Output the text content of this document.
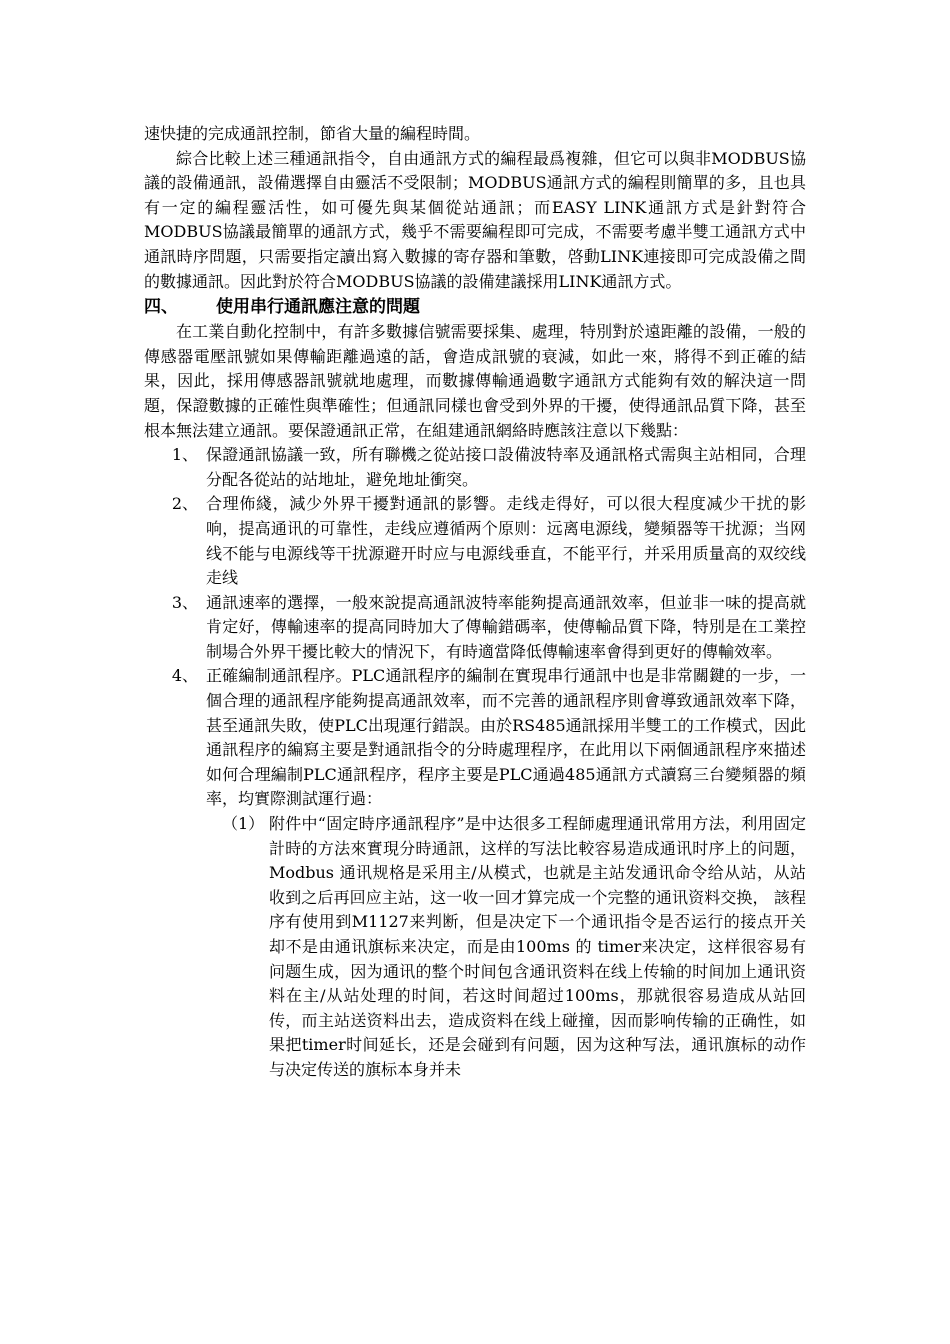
速快捷的完成通訊控制，節省大量的編程時間。

綜合比較上述三種通訊指令，自由通訊方式的編程最爲複雜，但它可以與非MODBUS協議的設備通訊，設備選擇自由靈活不受限制；MODBUS通訊方式的編程則簡單的多，且也具有一定的編程靈活性，如可優先與某個從站通訊；而EASY LINK通訊方式是針對符合MODBUS協議最簡單的通訊方式，幾乎不需要編程即可完成，不需要考慮半雙工通訊方式中通訊時序問題，只需要指定讀出寫入數據的寄存器和筆數，啓動LINK連接即可完成設備之間的數據通訊。因此對於符合MODBUS協議的設備建議採用LINK通訊方式。

四、	使用串行通訊應注意的問題

在工業自動化控制中，有許多數據信號需要採集、處理，特別對於遠距離的設備，一般的傳感器電壓訊號如果傳輸距離過遠的話，會造成訊號的衰減，如此一來，將得不到正確的結果，因此，採用傳感器訊號就地處理，而數據傳輸通過數字通訊方式能夠有效的解決這一問題，保證數據的正確性與準確性；但通訊同樣也會受到外界的干擾，使得通訊品質下降，甚至根本無法建立通訊。要保證通訊正常，在組建通訊網絡時應該注意以下幾點：

1、 保證通訊協議一致，所有聯機之從站接口設備波特率及通訊格式需與主站相同，合理分配各從站的站地址，避免地址衝突。
2、 合理佈綫，減少外界干擾對通訊的影響。走线走得好，可以很大程度减少干扰的影响，提高通讯的可靠性，走线应遵循两个原则：远离电源线，變頻器等干扰源；当网线不能与电源线等干扰源避开时应与电源线垂直，不能平行，并采用质量高的双绞线走线
3、 通訊速率的選擇，一般來說提高通訊波特率能夠提高通訊效率，但並非一味的提高就肯定好，傳輸速率的提高同時加大了傳輸錯碼率，使傳輸品質下降，特別是在工業控制場合外界干擾比較大的情況下，有時適當降低傳輸速率會得到更好的傳輸效率。
4、 正確編制通訊程序。PLC通訊程序的編制在實現串行通訊中也是非常關鍵的一步，一個合理的通訊程序能夠提高通訊效率，而不完善的通訊程序則會導致通訊效率下降，甚至通訊失敗，使PLC出現運行錯誤。由於RS485通訊採用半雙工的工作模式，因此通訊程序的編寫主要是對通訊指令的分時處理程序，在此用以下兩個通訊程序來描述如何合理編制PLC通訊程序，程序主要是PLC通過485通訊方式讀寫三台變頻器的頻率，均實際測試運行過：
（1） 附件中“固定時序通訊程序”是中达很多工程師處理通讯常用方法，利用固定計時的方法來實現分時通訊，这样的写法比較容易造成通讯时序上的问题，Modbus 通讯规格是采用主/从模式，也就是主站发通讯命令给从站，从站收到之后再回应主站，这一收一回才算完成一个完整的通讯资料交换， 該程序有使用到M1127来判断，但是决定下一个通讯指令是否运行的接点开关却不是由通讯旗标来决定，而是由100ms 的 timer来决定，这样很容易有问题生成，因为通讯的整个时间包含通讯资料在线上传输的时间加上通讯资料在主/从站处理的时间，若这时间超过100ms，那就很容易造成从站回传，而主站送资料出去，造成资料在线上碰撞，因而影响传输的正确性，如果把timer时间延长，还是会碰到有问题，因为这种写法，通讯旗标的动作与决定传送的旗标本身并未
